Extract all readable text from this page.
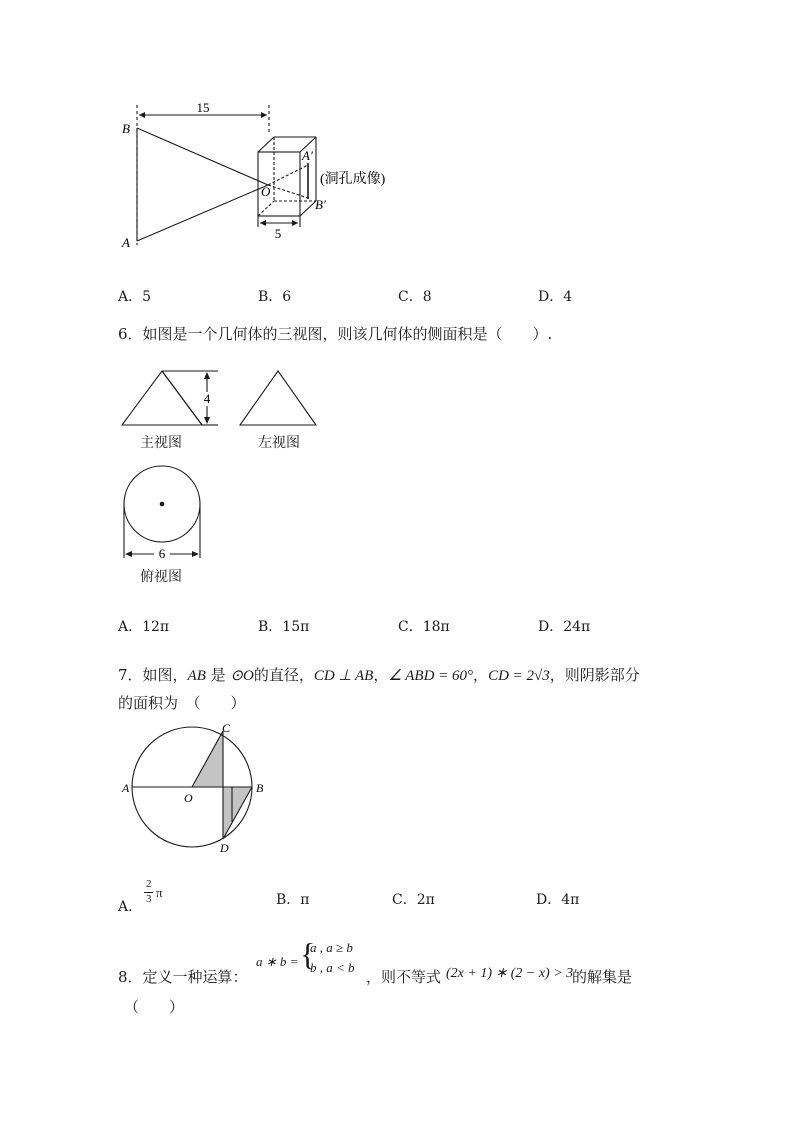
15
B
A
O
A′
B′
5
(洞孔成像)
A．5	B．6	C．8	D．4
6．如图是一个几何体的三视图，则该几何体的侧面积是（　　）.
4
主视图	左视图
6
俯视图
A．12π	B．15π	C．18π	D．24π
7．如图，AB 是 ⊙O的直径，CD ⊥ AB，∠ ABD = 60°，CD = 2√3，则阴影部分
的面积为　（　　）
C
A
O
B
D
A．
2
3 π	B．π	C．2π	D．4π
8．定义一种运算：
a ∗ b = {
a , a ≥ b
b , a < b
，则不等式 (2x + 1) ∗ (2 − x) > 3
的解集是
（　　）
